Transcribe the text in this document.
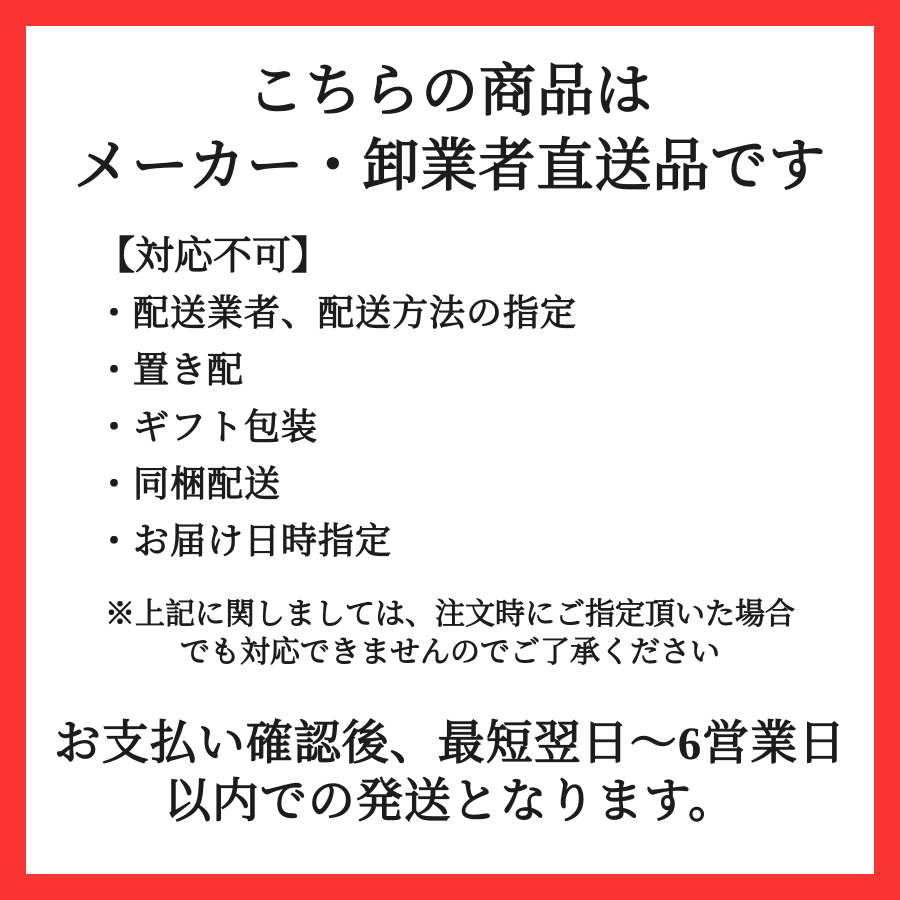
こちらの商品は
メーカー・卸業者直送品です
【対応不可】
・配送業者、配送方法の指定
・置き配
・ギフト包装
・同梱配送
・お届け日時指定
※上記に関しましては、注文時にご指定頂いた場合
でも対応できませんのでご了承ください
お支払い確認後、最短翌日〜6営業日
以内での発送となります。
